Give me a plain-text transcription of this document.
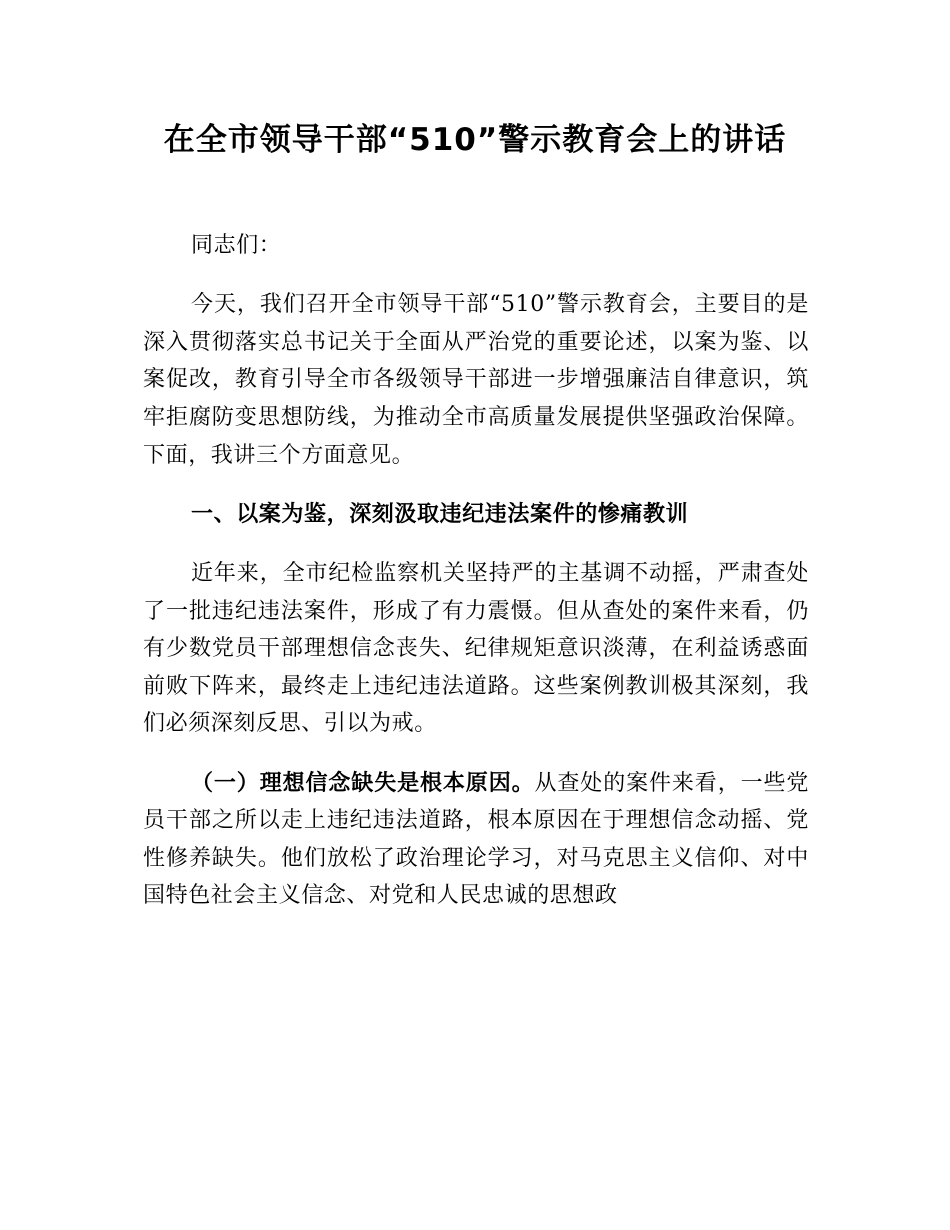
在全市领导干部“510”警示教育会上的讲话

同志们：

今天，我们召开全市领导干部“510”警示教育会，主要目的是深入贯彻落实总书记关于全面从严治党的重要论述，以案为鉴、以案促改，教育引导全市各级领导干部进一步增强廉洁自律意识，筑牢拒腐防变思想防线，为推动全市高质量发展提供坚强政治保障。下面，我讲三个方面意见。

一、以案为鉴，深刻汲取违纪违法案件的惨痛教训

近年来，全市纪检监察机关坚持严的主基调不动摇，严肃查处了一批违纪违法案件，形成了有力震慑。但从查处的案件来看，仍有少数党员干部理想信念丧失、纪律规矩意识淡薄，在利益诱惑面前败下阵来，最终走上违纪违法道路。这些案例教训极其深刻，我们必须深刻反思、引以为戒。

（一）理想信念缺失是根本原因。从查处的案件来看，一些党员干部之所以走上违纪违法道路，根本原因在于理想信念动摇、党性修养缺失。他们放松了政治理论学习，对马克思主义信仰、对中国特色社会主义信念、对党和人民忠诚的思想政
